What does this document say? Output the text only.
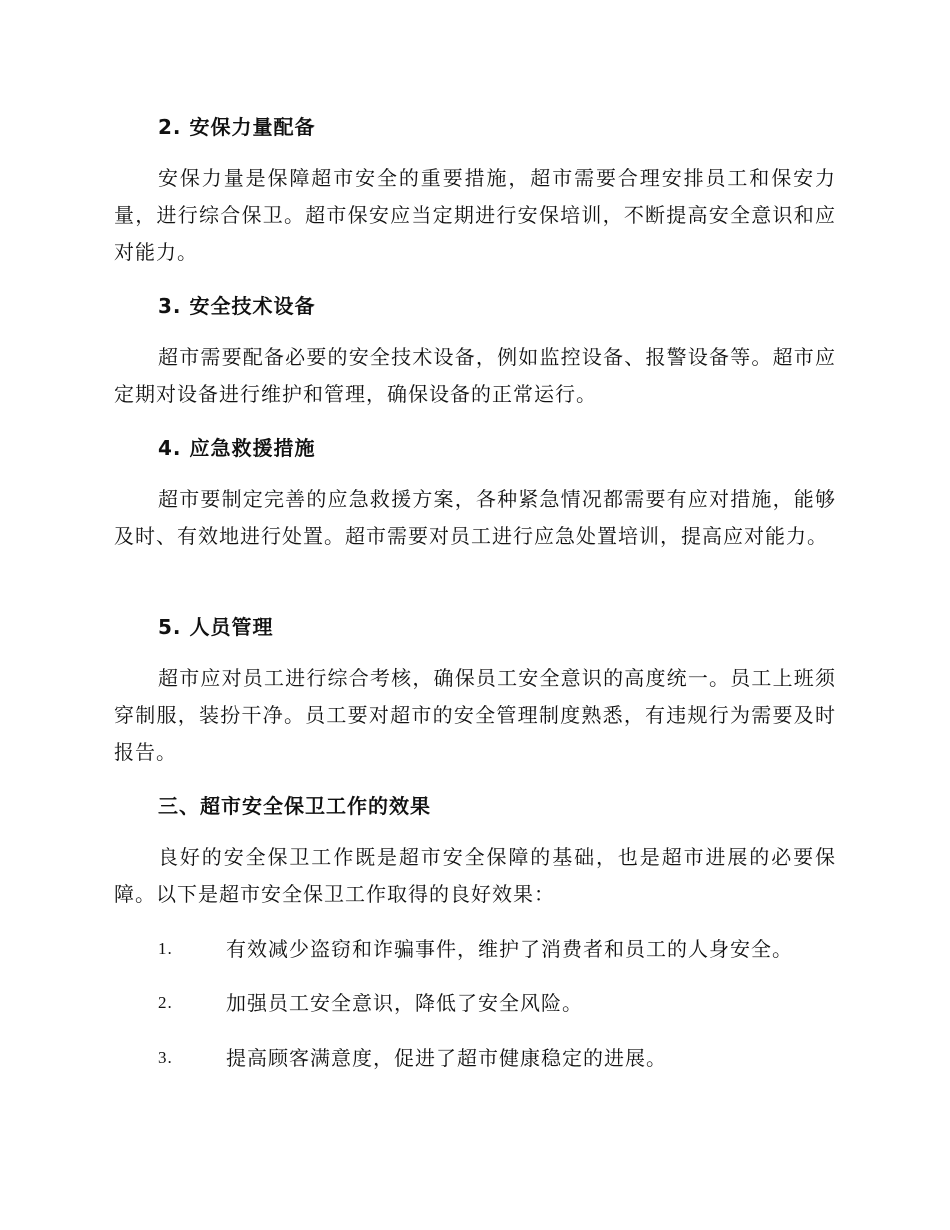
2. 安保力量配备
安保力量是保障超市安全的重要措施，超市需要合理安排员工和保安力量，进行综合保卫。超市保安应当定期进行安保培训，不断提高安全意识和应对能力。
3. 安全技术设备
超市需要配备必要的安全技术设备，例如监控设备、报警设备等。超市应定期对设备进行维护和管理，确保设备的正常运行。
4. 应急救援措施
超市要制定完善的应急救援方案，各种紧急情况都需要有应对措施，能够及时、有效地进行处置。超市需要对员工进行应急处置培训，提高应对能力。
5. 人员管理
超市应对员工进行综合考核，确保员工安全意识的高度统一。员工上班须穿制服，装扮干净。员工要对超市的安全管理制度熟悉，有违规行为需要及时报告。
三、超市安全保卫工作的效果
良好的安全保卫工作既是超市安全保障的基础，也是超市进展的必要保障。以下是超市安全保卫工作取得的良好效果：
1.	有效减少盗窃和诈骗事件，维护了消费者和员工的人身安全。
2.	加强员工安全意识，降低了安全风险。
3.	提高顾客满意度，促进了超市健康稳定的进展。
